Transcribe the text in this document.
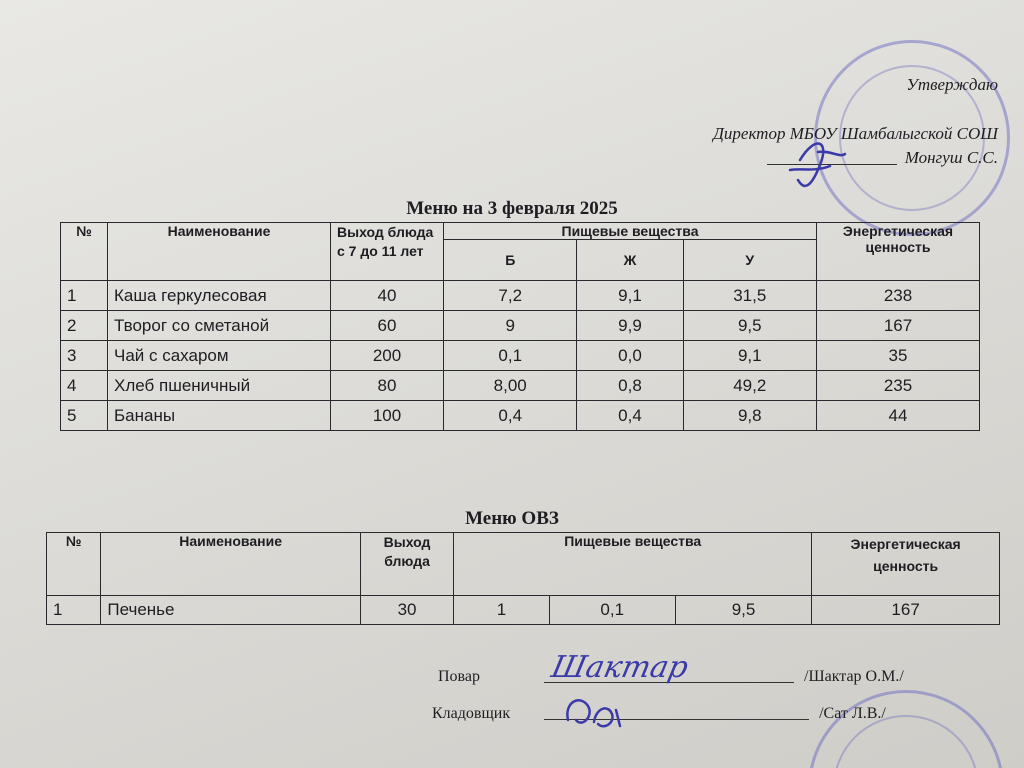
Утверждаю
Директор МБОУ Шамбалыгской СОШ
Монгуш С.С.
Меню на 3 февраля 2025
№	Наименование	Выход блюда с 7 до 11 лет	Пищевые вещества			Энергетическая ценность
			Б	Ж	У	
1	Каша геркулесовая	40	7,2	9,1	31,5	238
2	Творог со сметаной	60	9	9,9	9,5	167
3	Чай с сахаром	200	0,1	0,0	9,1	35
4	Хлеб пшеничный	80	8,00	0,8	49,2	235
5	Бананы	100	0,4	0,4	9,8	44
Меню ОВЗ
№	Наименование	Выход блюда	Пищевые вещества			Энергетическая ценность
1	Печенье	30	1	0,1	9,5	167
Повар	/Шактар О.М./
Шактар
Кладовщик	/Сат Л.В./
